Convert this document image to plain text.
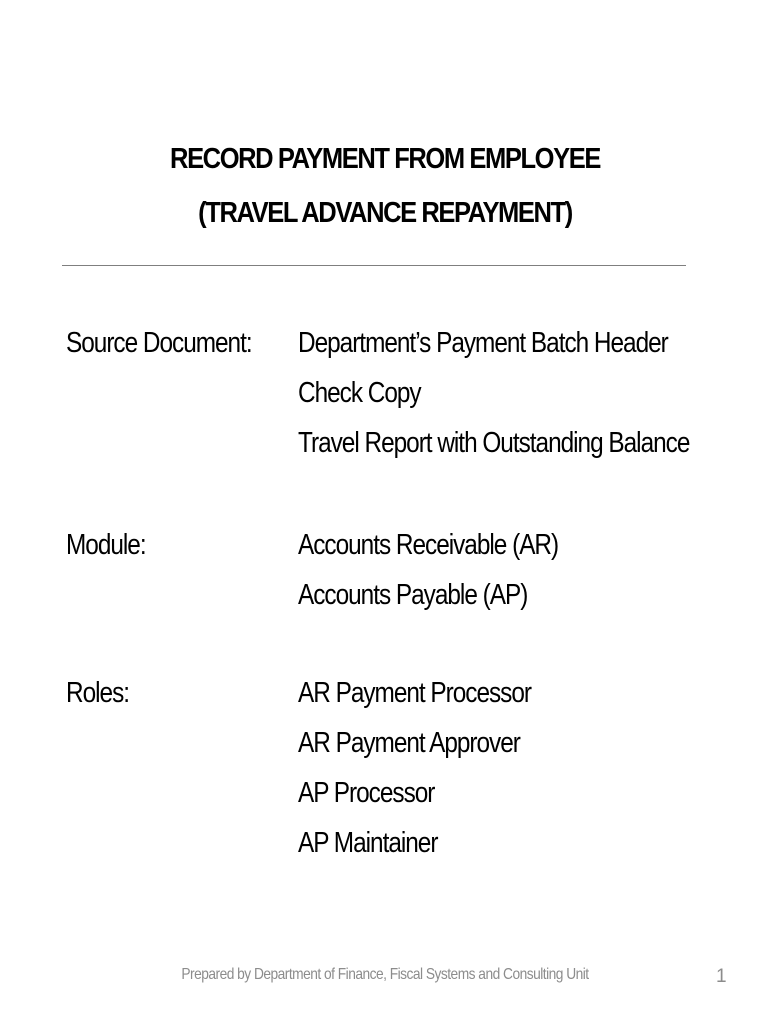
RECORD PAYMENT FROM EMPLOYEE
(TRAVEL ADVANCE REPAYMENT)
Source Document: Department’s Payment Batch Header
Check Copy
Travel Report with Outstanding Balance
Module:	Accounts Receivable (AR)
Accounts Payable (AP)
Roles:	AR Payment Processor
AR Payment Approver
AP Processor
AP Maintainer
Prepared by Department of Finance, Fiscal Systems and Consulting Unit	1
